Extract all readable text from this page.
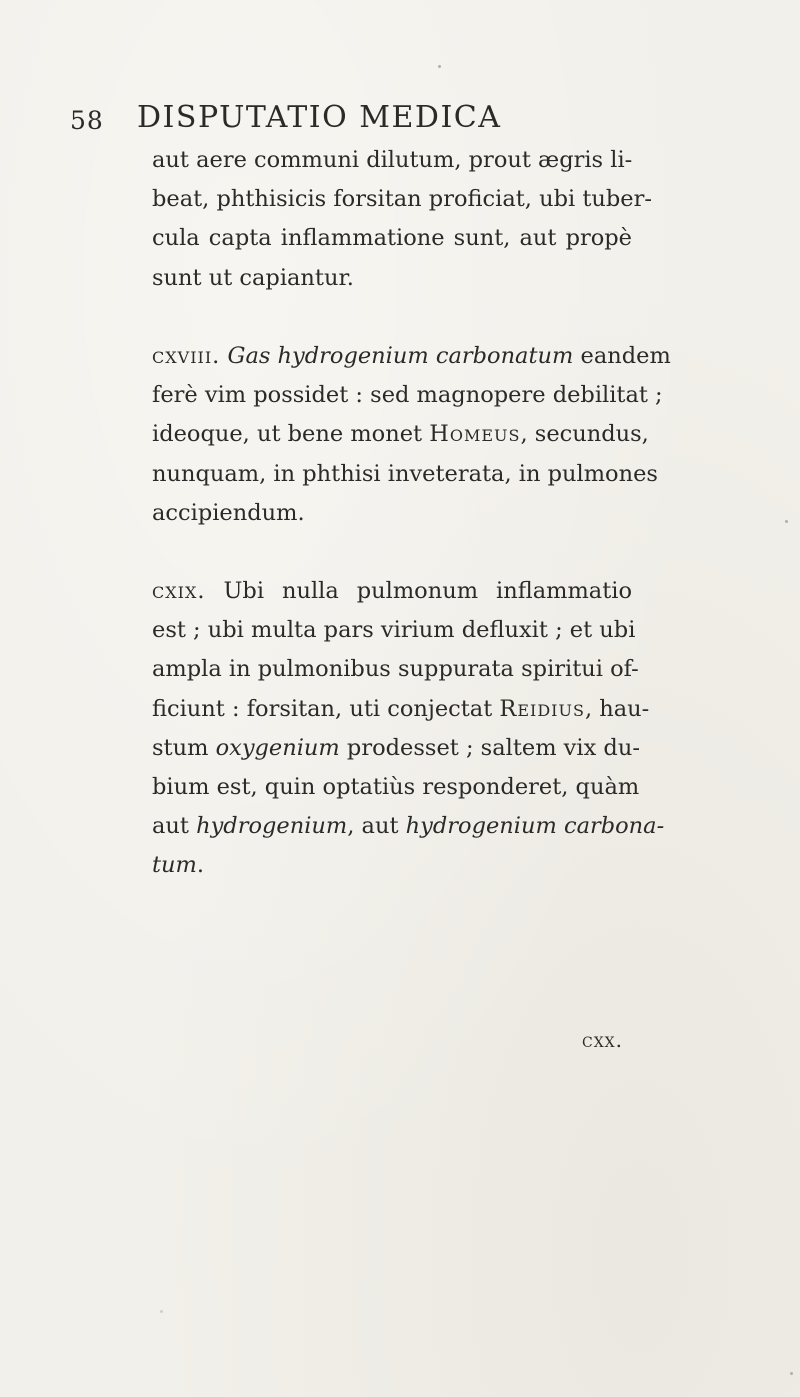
58 DISPUTATIO MEDICA
aut aere communi dilutum, prout ægris li-
beat, phthisicis forsitan proficiat, ubi tuber-
cula capta inflammatione sunt, aut propè
sunt ut capiantur.
cxviii. Gas hydrogenium carbonatum eandem
ferè vim possidet : sed magnopere debilitat ;
ideoque, ut bene monet Homeus, secundus,
nunquam, in phthisi inveterata, in pulmones
accipiendum.
cxix. Ubi nulla pulmonum inflammatio
est ; ubi multa pars virium defluxit ; et ubi
ampla in pulmonibus suppurata spiritui of-
ficiunt : forsitan, uti conjectat Reidius, hau-
stum oxygenium prodesset ; saltem vix du-
bium est, quin optatiùs responderet, quàm
aut hydrogenium, aut hydrogenium carbona-
tum.
cxx.
